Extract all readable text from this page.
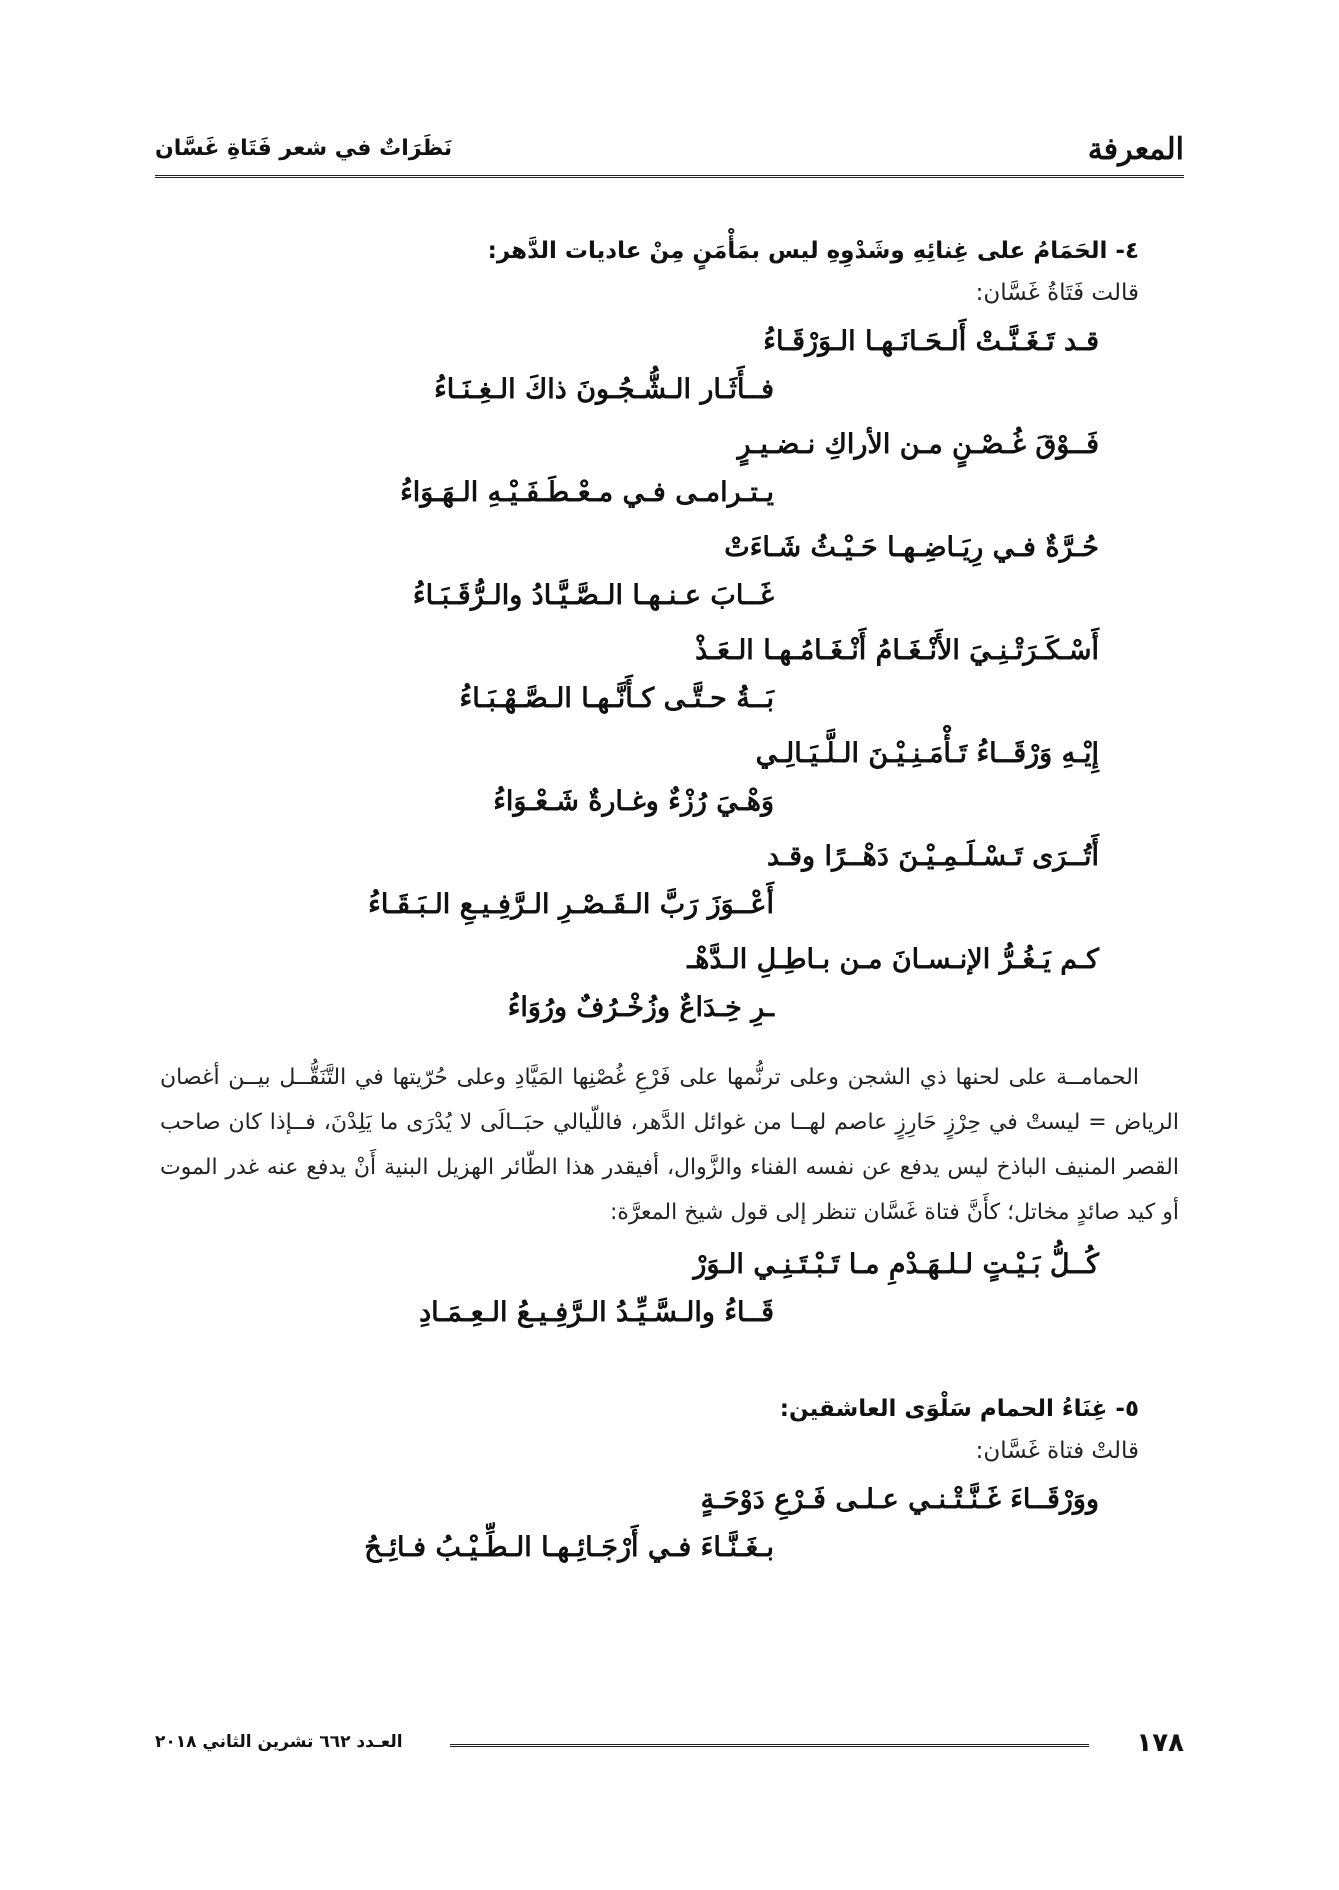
المعرفة
نَظَرَاتٌ في شعر فَتَاةِ غَسَّان

٤- الحَمَامُ على غِنائِهِ وشَدْوِهِ ليس بمَأْمَنٍ مِنْ عاديات الدَّهر:

قالت فَتَاةُ غَسَّان:

قـد تَـغَـنَّـتْ أَلـحَـانَـهـا الـوَرْقَـاءُ
فــأَثَـار الـشُّـجُـونَ ذاكَ الـغِـنَـاءُ
فَــوْقَ غُـصْـنٍ مـن الأراكِ نـضـيـرٍ
يـتـرامـى فـي مـعْـطَـفَـيْـهِ الـهَـوَاءُ
حُـرَّةٌ فـي رِيَـاضِـهـا حَـيْـثُ شَـاءَتْ
غَــابَ عـنـهـا الـصَّـيَّـادُ والـرُّقَـبَـاءُ
أَسْـكَـرَتْـنِـيَ الأَنْـغَـامُ أَنْـغَـامُـهـا الـعَـذْ
بَــةُ حـتَّـى كـأَنَّـهـا الـصَّـهْـبَـاءُ
إِيْـهِ وَرْقَــاءُ تَـأْمَـنِـيْـنَ الـلَّـيَـالِـي
وَهْـيَ رُزْءٌ وغـارةٌ شَـعْـوَاءُ
أَتُــرَى تَـسْـلَـمِـيْـنَ دَهْــرًا وقـد
أَعْــوَزَ رَبَّ الـقَـصْـرِ الـرَّفِـيـعِ الـبَـقَـاءُ
كـم يَـغُـرُّ الإنـسـانَ مـن بـاطِـلِ الـدَّهْـ
ـرِ خِـدَاعٌ وزُخْـرُفٌ ورُوَاءُ

الحمامــة على لحنها ذي الشجن وعلى ترنُّمها على فَرْعِ غُصْنِها المَيَّادِ وعلى حُرّيتها في التَّنَقُّــل بيــن أغصان الرياض = ليستْ في حِرْزٍ حَارِزٍ عاصم لهــا من غوائل الدَّهر، فاللّيالي حبَــالَى لا يُدْرَى ما يَلِدْنَ، فــإذا كان صاحب القصر المنيف الباذخ ليس يدفع عن نفسه الفناء والزَّوال، أفيقدر هذا الطّائر الهزيل البنية أَنْ يدفع عنه غدر الموت أو كيد صائدٍ مخاتل؛ كأَنَّ فتاة غَسَّان تنظر إلى قول شيخ المعرَّة:

كُــلُّ بَـيْـتٍ لـلـهَـدْمِ مـا تَـبْـتَـنِـي الـوَرْ
قَــاءُ والـسَّـيِّـدُ الـرَّفِـيـعُ الـعِـمَـادِ

٥- غِنَاءُ الحمام سَلْوَى العاشقين:

قالتْ فتاة غَسَّان:

ووَرْقَــاءَ غَـنَّـتْـنـي عـلـى فَـرْعِ دَوْحَـةٍ
بـغَـنَّـاءَ فـي أَرْجَـائِـهـا الـطِّـيْـبُ فـائِـحُ
١٧٨
العـدد ٦٦٢ تشرين الثاني ٢٠١٨
